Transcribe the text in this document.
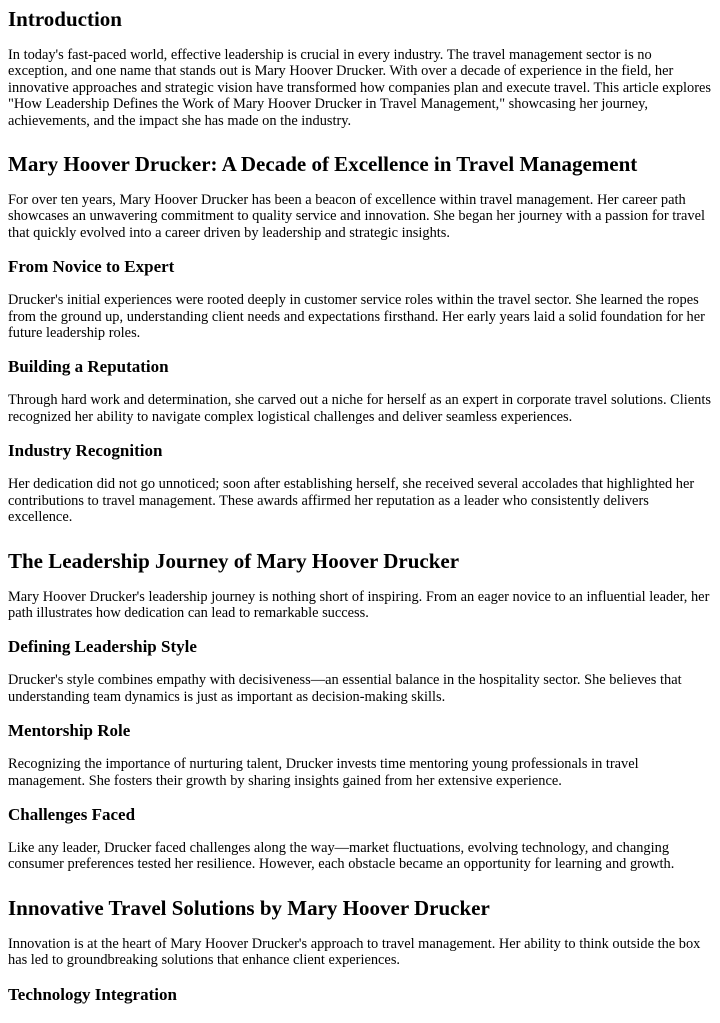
Introduction

In today's fast-paced world, effective leadership is crucial in every industry. The travel management sector is no exception, and one name that stands out is Mary Hoover Drucker. With over a decade of experience in the field, her innovative approaches and strategic vision have transformed how companies plan and execute travel. This article explores "How Leadership Defines the Work of Mary Hoover Drucker in Travel Management," showcasing her journey, achievements, and the impact she has made on the industry.

Mary Hoover Drucker: A Decade of Excellence in Travel Management

For over ten years, Mary Hoover Drucker has been a beacon of excellence within travel management. Her career path showcases an unwavering commitment to quality service and innovation. She began her journey with a passion for travel that quickly evolved into a career driven by leadership and strategic insights.

From Novice to Expert

Drucker's initial experiences were rooted deeply in customer service roles within the travel sector. She learned the ropes from the ground up, understanding client needs and expectations firsthand. Her early years laid a solid foundation for her future leadership roles.

Building a Reputation

Through hard work and determination, she carved out a niche for herself as an expert in corporate travel solutions. Clients recognized her ability to navigate complex logistical challenges and deliver seamless experiences.

Industry Recognition

Her dedication did not go unnoticed; soon after establishing herself, she received several accolades that highlighted her contributions to travel management. These awards affirmed her reputation as a leader who consistently delivers excellence.

The Leadership Journey of Mary Hoover Drucker

Mary Hoover Drucker's leadership journey is nothing short of inspiring. From an eager novice to an influential leader, her path illustrates how dedication can lead to remarkable success.

Defining Leadership Style

Drucker's style combines empathy with decisiveness—an essential balance in the hospitality sector. She believes that understanding team dynamics is just as important as decision-making skills.

Mentorship Role

Recognizing the importance of nurturing talent, Drucker invests time mentoring young professionals in travel management. She fosters their growth by sharing insights gained from her extensive experience.

Challenges Faced

Like any leader, Drucker faced challenges along the way—market fluctuations, evolving technology, and changing consumer preferences tested her resilience. However, each obstacle became an opportunity for learning and growth.

Innovative Travel Solutions by Mary Hoover Drucker

Innovation is at the heart of Mary Hoover Drucker's approach to travel management. Her ability to think outside the box has led to groundbreaking solutions that enhance client experiences.

Technology Integration
